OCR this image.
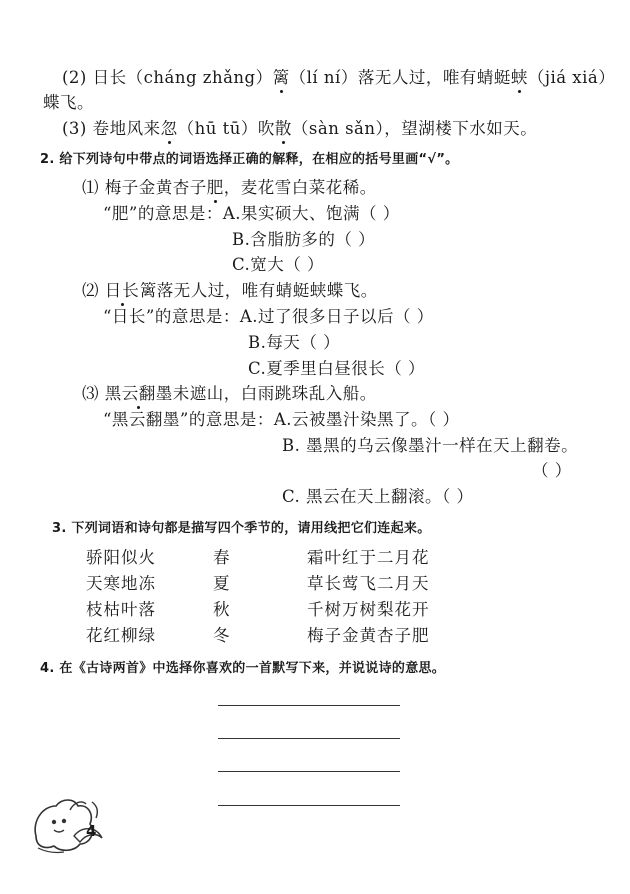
(2) 日长（cháng zhǎng）篱（lí ní）落无人过，唯有蜻蜓蛱（jiá xiá）
蝶飞。
(3) 卷地风来忽（hū tū）吹散（sàn sǎn），望湖楼下水如天。
2. 给下列诗句中带点的词语选择正确的解释，在相应的括号里画“√”。
⑴ 梅子金黄杏子肥，麦花雪白菜花稀。
“肥”的意思是：A.果实硕大、饱满（ ）
B.含脂肪多的（ ）
C.宽大（ ）
⑵ 日长篱落无人过，唯有蜻蜓蛱蝶飞。
“日长”的意思是：A.过了很多日子以后（ ）
B.每天（ ）
C.夏季里白昼很长（ ）
⑶ 黑云翻墨未遮山，白雨跳珠乱入船。
“黑云翻墨”的意思是：A.云被墨汁染黑了。（ ）
B. 墨黑的乌云像墨汁一样在天上翻卷。
（ ）
C. 黑云在天上翻滚。（ ）
3. 下列词语和诗句都是描写四个季节的，请用线把它们连起来。
骄阳似火
天寒地冻
枝枯叶落
花红柳绿
春
夏
秋
冬
霜叶红于二月花
草长莺飞二月天
千树万树梨花开
梅子金黄杏子肥
4. 在《古诗两首》中选择你喜欢的一首默写下来，并说说诗的意思。
4
